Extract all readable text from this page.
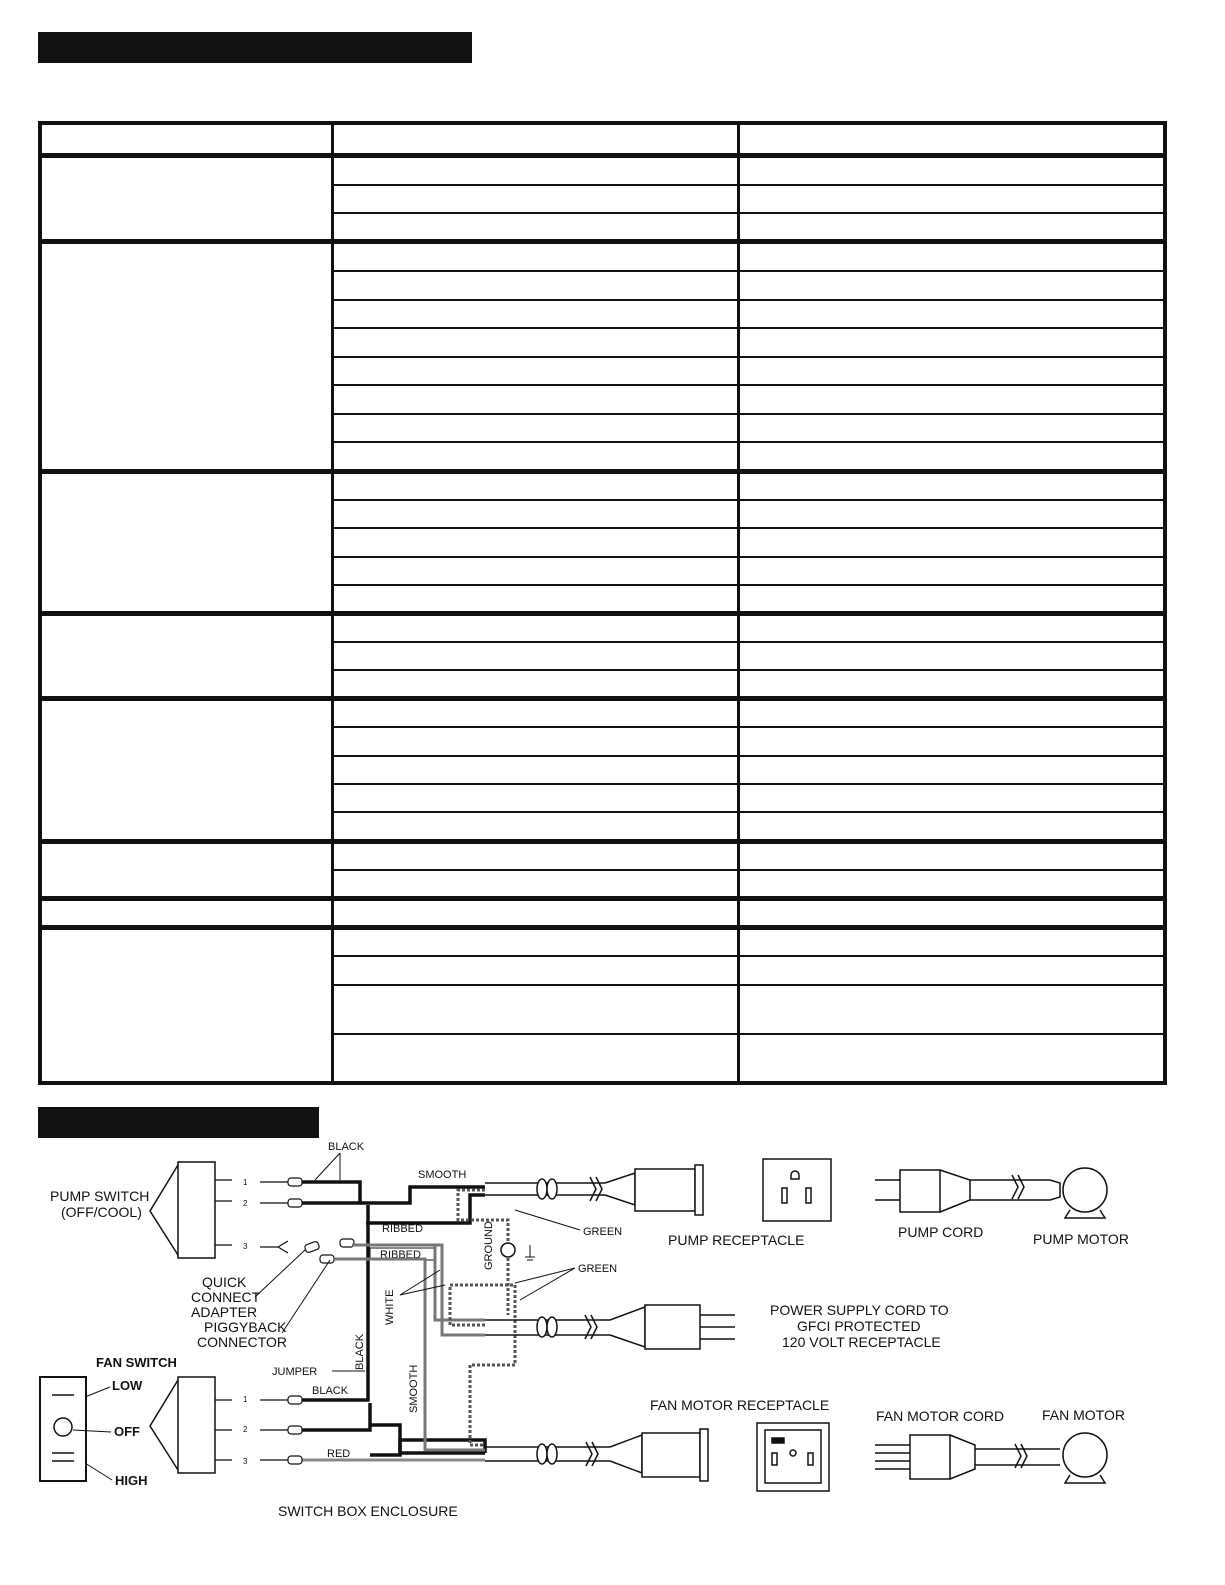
1
2
3
PUMP SWITCH
(OFF/COOL)
BLACK
SMOOTH
RIBBED
RIBBED	GROUND	GREEN
GREEN
QUICK
CONNECT
ADAPTER
PIGGYBACK
CONNECTOR
WHITE
BLACK
SMOOTH
JUMPER
BLACK
RED
1
2
3
FAN SWITCH
LOW
OFF
HIGH
SWITCH BOX ENCLOSURE
PUMP RECEPTACLE	PUMP CORD	PUMP MOTOR
POWER SUPPLY CORD TO
GFCI PROTECTED
120 VOLT RECEPTACLE
FAN MOTOR RECEPTACLE
FAN MOTOR CORD	FAN MOTOR
